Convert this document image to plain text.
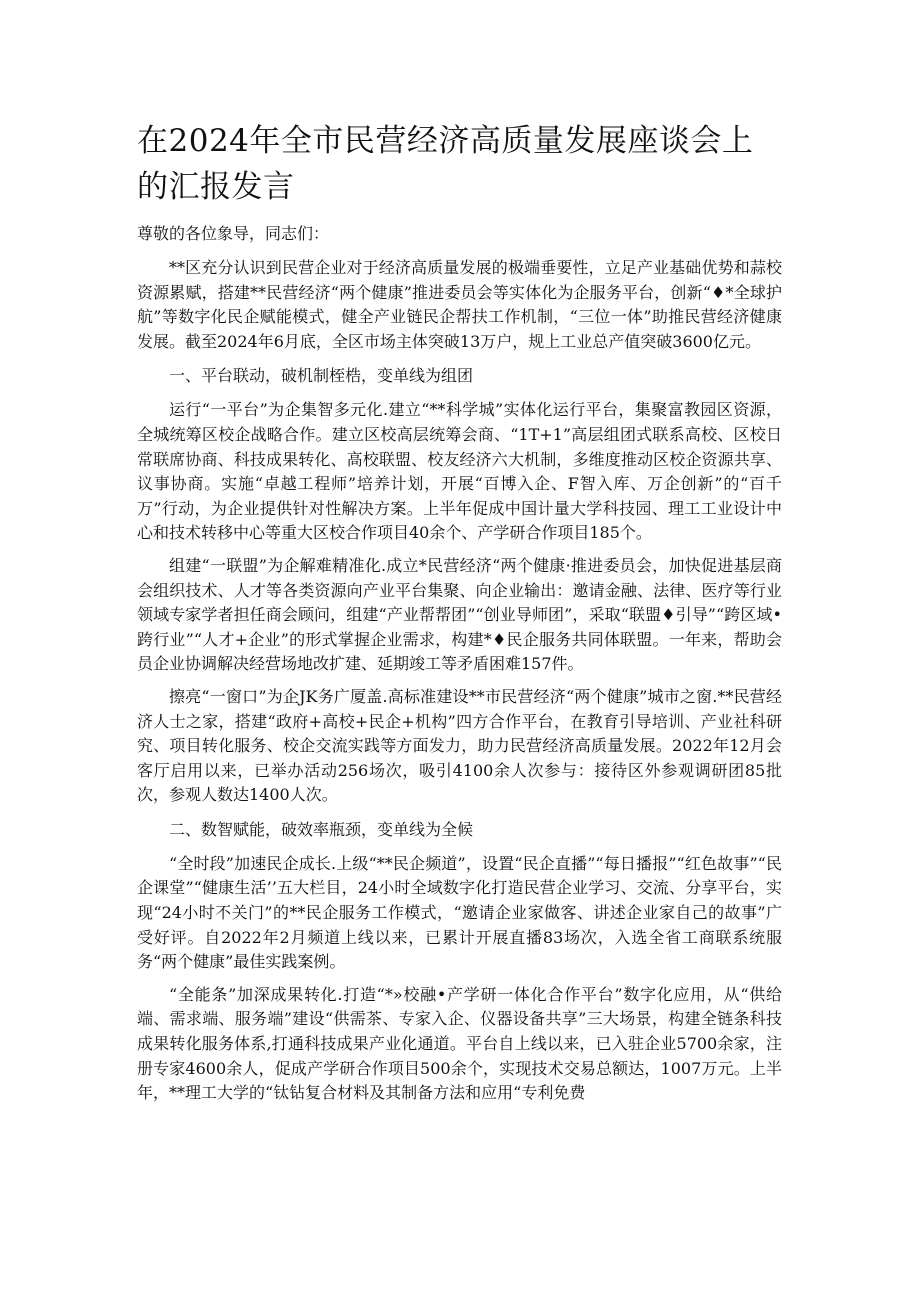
在2024年全市民营经济高质量发展座谈会上的汇报发言

尊敬的各位象导，同志们：

**区充分认识到民营企业对于经济高质量发展的极端垂要性，立足产业基础优势和蒜校资源累赋，搭建**民营经济“两个健康”推进委员会等实体化为企服务平台，创新“♦*全球护航”等数字化民企赋能模式，健全产业链民企帮扶工作机制，“三位一体”助推民营经济健康发展。截至2024年6月底，全区市场主体突破13万户，规上工业总产值突破3600亿元。

一、平台联动，破机制桎梏，变单线为组团

运行“一平台”为企集智多元化.建立“**科学城”实体化运行平台，集聚富教园区资源，全城统筹区校企战略合作。建立区校高层统筹会商、“1T+1”高层组团式联系高校、区校日常联席协商、科技成果转化、高校联盟、校友经济六大机制，多维度推动区校企资源共享、议事协商。实施“卓越工程师”培养计划，开展“百博入企、F智入库、万企创新”的“百千万”行动，为企业提供针对性解决方案。上半年促成中国计量大学科技园、理工工业设计中心和技术转移中心等重大区校合作项目40余个、产学研合作项目185个。

组建“一联盟”为企解难精准化.成立*民营经济“两个健康·推进委员会，加快促进基层商会组织技术、人才等各类资源向产业平台集聚、向企业输出：邀请金融、法律、医疗等行业领域专家学者担任商会顾问，组建“产业帮帮团”“创业导师团”，采取“联盟♦引导”“跨区域•跨行业”“人才+企业”的形式掌握企业需求，构建*♦民企服务共同体联盟。一年来，帮助会员企业协调解决经营场地改扩建、延期竣工等矛盾困难157件。

擦亮“一窗口”为企JK务广厦盖.高标准建设**市民营经济“两个健康”城市之窗.**民营经济人士之家，搭建“政府+高校+民企+机构”四方合作平台，在教育引导培训、产业社科研究、项目转化服务、校企交流实践等方面发力，助力民营经济高质量发展。2022年12月会客厅启用以来，已举办活动256场次，吸引4100余人次参与：接待区外参观调研团85批次，参观人数达1400人次。

二、数智赋能，破效率瓶颈，变单线为全候

“全时段”加速民企成长.上级“**民企频道”，设置“民企直播”“每日播报”“红色故事”“民企课堂”“健康生活’’五大栏目，24小时全域数字化打造民营企业学习、交流、分享平台，实现“24小时不关门”的**民企服务工作模式，“邀请企业家做客、讲述企业家自己的故事”广受好评。自2022年2月频道上线以来，已累计开展直播83场次，入选全省工商联系统服务“两个健康”最佳实践案例。

“全能条”加深成果转化.打造“*»校融•产学研一体化合作平台”数字化应用，从“供给端、需求端、服务端”建设“供需茶、专家入企、仪器设备共享”三大场景，构建全链条科技成果转化服务体系,打通科技成果产业化通道。平台自上线以来，已入驻企业5700余家，注册专家4600余人，促成产学研合作项目500余个，实现技术交易总额达，1007万元。上半年，**理工大学的“钛钻复合材料及其制备方法和应用“专利免费
